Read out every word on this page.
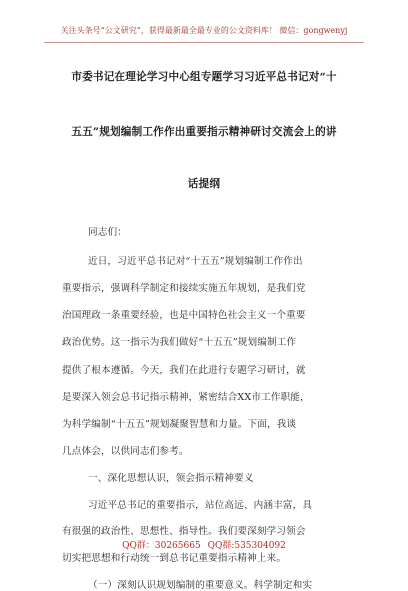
关注头条号“公文研究”，获得最新最全最专业的公文资料库！ 微信：gongwenyj
市委书记在理论学习中心组专题学习习近平总书记对“十
五五”规划编制工作作出重要指示精神研讨交流会上的讲
话提纲
同志们：
近日，习近平总书记对“十五五”规划编制工作作出
重要指示，强调科学制定和接续实施五年规划，是我们党
治国理政一条重要经验，也是中国特色社会主义一个重要
政治优势。这一指示为我们做好“十五五”规划编制工作
提供了根本遵循。今天，我们在此进行专题学习研讨，就
是要深入领会总书记指示精神，紧密结合XX市工作职能，
为科学编制“十五五”规划凝聚智慧和力量。下面，我谈
几点体会，以供同志们参考。
一、深化思想认识，领会指示精神要义
习近平总书记的重要指示，站位高远、内涵丰富，具
有很强的政治性、思想性、指导性。我们要深刻学习领会
切实把思想和行动统一到总书记重要指示精神上来。
（一）深刻认识规划编制的重要意义。科学制定和实
QQ群：30265665 QQ群:535304092
